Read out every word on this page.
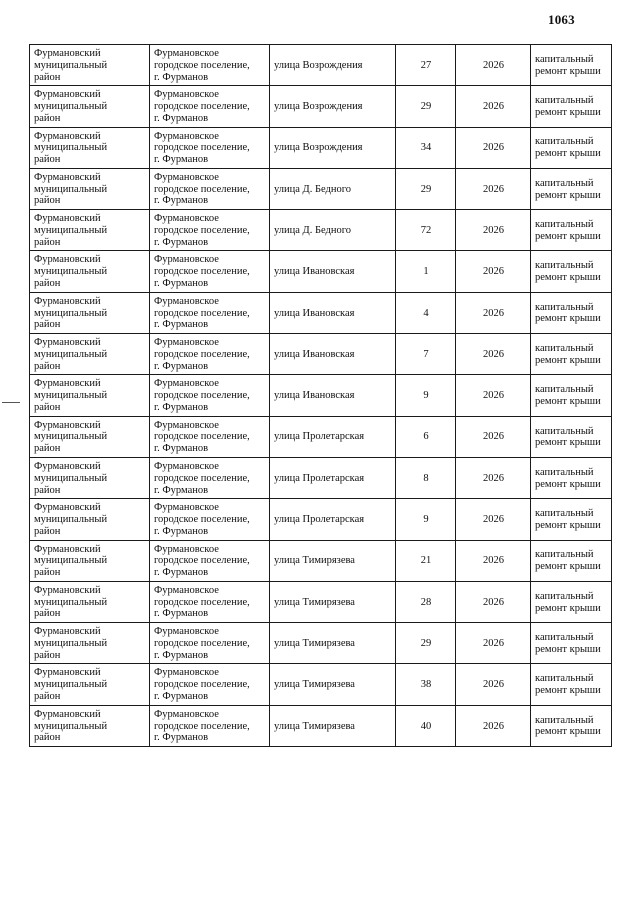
1063
Фурмановский
муниципальный
район	Фурмановское
городское поселение,
г. Фурманов	улица Возрождения	27	2026	капитальный
ремонт крыши

Фурмановский
муниципальный
район	Фурмановское
городское поселение,
г. Фурманов	улица Возрождения	29	2026	капитальный
ремонт крыши

Фурмановский
муниципальный
район	Фурмановское
городское поселение,
г. Фурманов	улица Возрождения	34	2026	капитальный
ремонт крыши

Фурмановский
муниципальный
район	Фурмановское
городское поселение,
г. Фурманов	улица Д. Бедного	29	2026	капитальный
ремонт крыши

Фурмановский
муниципальный
район	Фурмановское
городское поселение,
г. Фурманов	улица Д. Бедного	72	2026	капитальный
ремонт крыши

Фурмановский
муниципальный
район	Фурмановское
городское поселение,
г. Фурманов	улица Ивановская	1	2026	капитальный
ремонт крыши

Фурмановский
муниципальный
район	Фурмановское
городское поселение,
г. Фурманов	улица Ивановская	4	2026	капитальный
ремонт крыши

Фурмановский
муниципальный
район	Фурмановское
городское поселение,
г. Фурманов	улица Ивановская	7	2026	капитальный
ремонт крыши

Фурмановский
муниципальный
район	Фурмановское
городское поселение,
г. Фурманов	улица Ивановская	9	2026	капитальный
ремонт крыши

Фурмановский
муниципальный
район	Фурмановское
городское поселение,
г. Фурманов	улица Пролетарская	6	2026	капитальный
ремонт крыши

Фурмановский
муниципальный
район	Фурмановское
городское поселение,
г. Фурманов	улица Пролетарская	8	2026	капитальный
ремонт крыши

Фурмановский
муниципальный
район	Фурмановское
городское поселение,
г. Фурманов	улица Пролетарская	9	2026	капитальный
ремонт крыши

Фурмановский
муниципальный
район	Фурмановское
городское поселение,
г. Фурманов	улица Тимирязева	21	2026	капитальный
ремонт крыши

Фурмановский
муниципальный
район	Фурмановское
городское поселение,
г. Фурманов	улица Тимирязева	28	2026	капитальный
ремонт крыши

Фурмановский
муниципальный
район	Фурмановское
городское поселение,
г. Фурманов	улица Тимирязева	29	2026	капитальный
ремонт крыши

Фурмановский
муниципальный
район	Фурмановское
городское поселение,
г. Фурманов	улица Тимирязева	38	2026	капитальный
ремонт крыши

Фурмановский
муниципальный
район	Фурмановское
городское поселение,
г. Фурманов	улица Тимирязева	40	2026	капитальный
ремонт крыши
